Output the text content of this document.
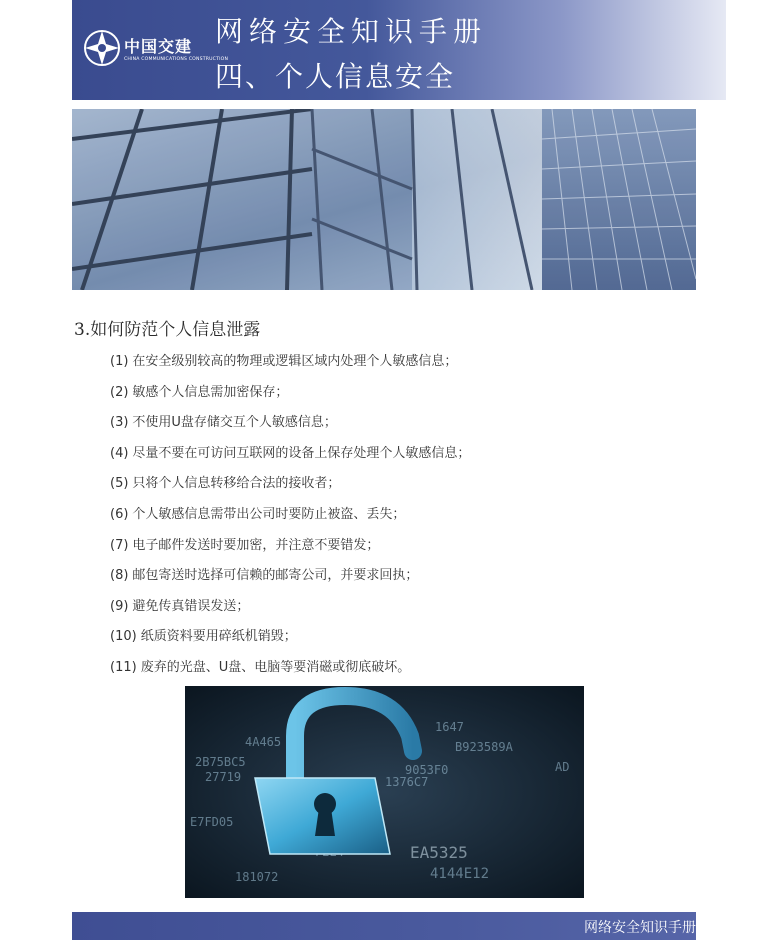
中国交建
CHINA COMMUNICATIONS CONSTRUCTION
网络安全知识手册
四、个人信息安全
3.如何防范个人信息泄露
(1) 在安全级别较高的物理或逻辑区域内处理个人敏感信息；
(2) 敏感个人信息需加密保存；
(3) 不使用U盘存储交互个人敏感信息；
(4) 尽量不要在可访问互联网的设备上保存处理个人敏感信息；
(5) 只将个人信息转移给合法的接收者；
(6) 个人敏感信息需带出公司时要防止被盗、丢失；
(7) 电子邮件发送时要加密，并注意不要错发；
(8) 邮包寄送时选择可信赖的邮寄公司，并要求回执；
(9) 避免传真错误发送；
(10) 纸质资料要用碎纸机销毁；
(11) 废弃的光盘、U盘、电脑等要消磁或彻底破坏。
B923589A
9053F0
1376C7
1647
EA5325
4144E12
27719
2B75BC5
4A465
E7FD05
181072
AD
网络安全知识手册
